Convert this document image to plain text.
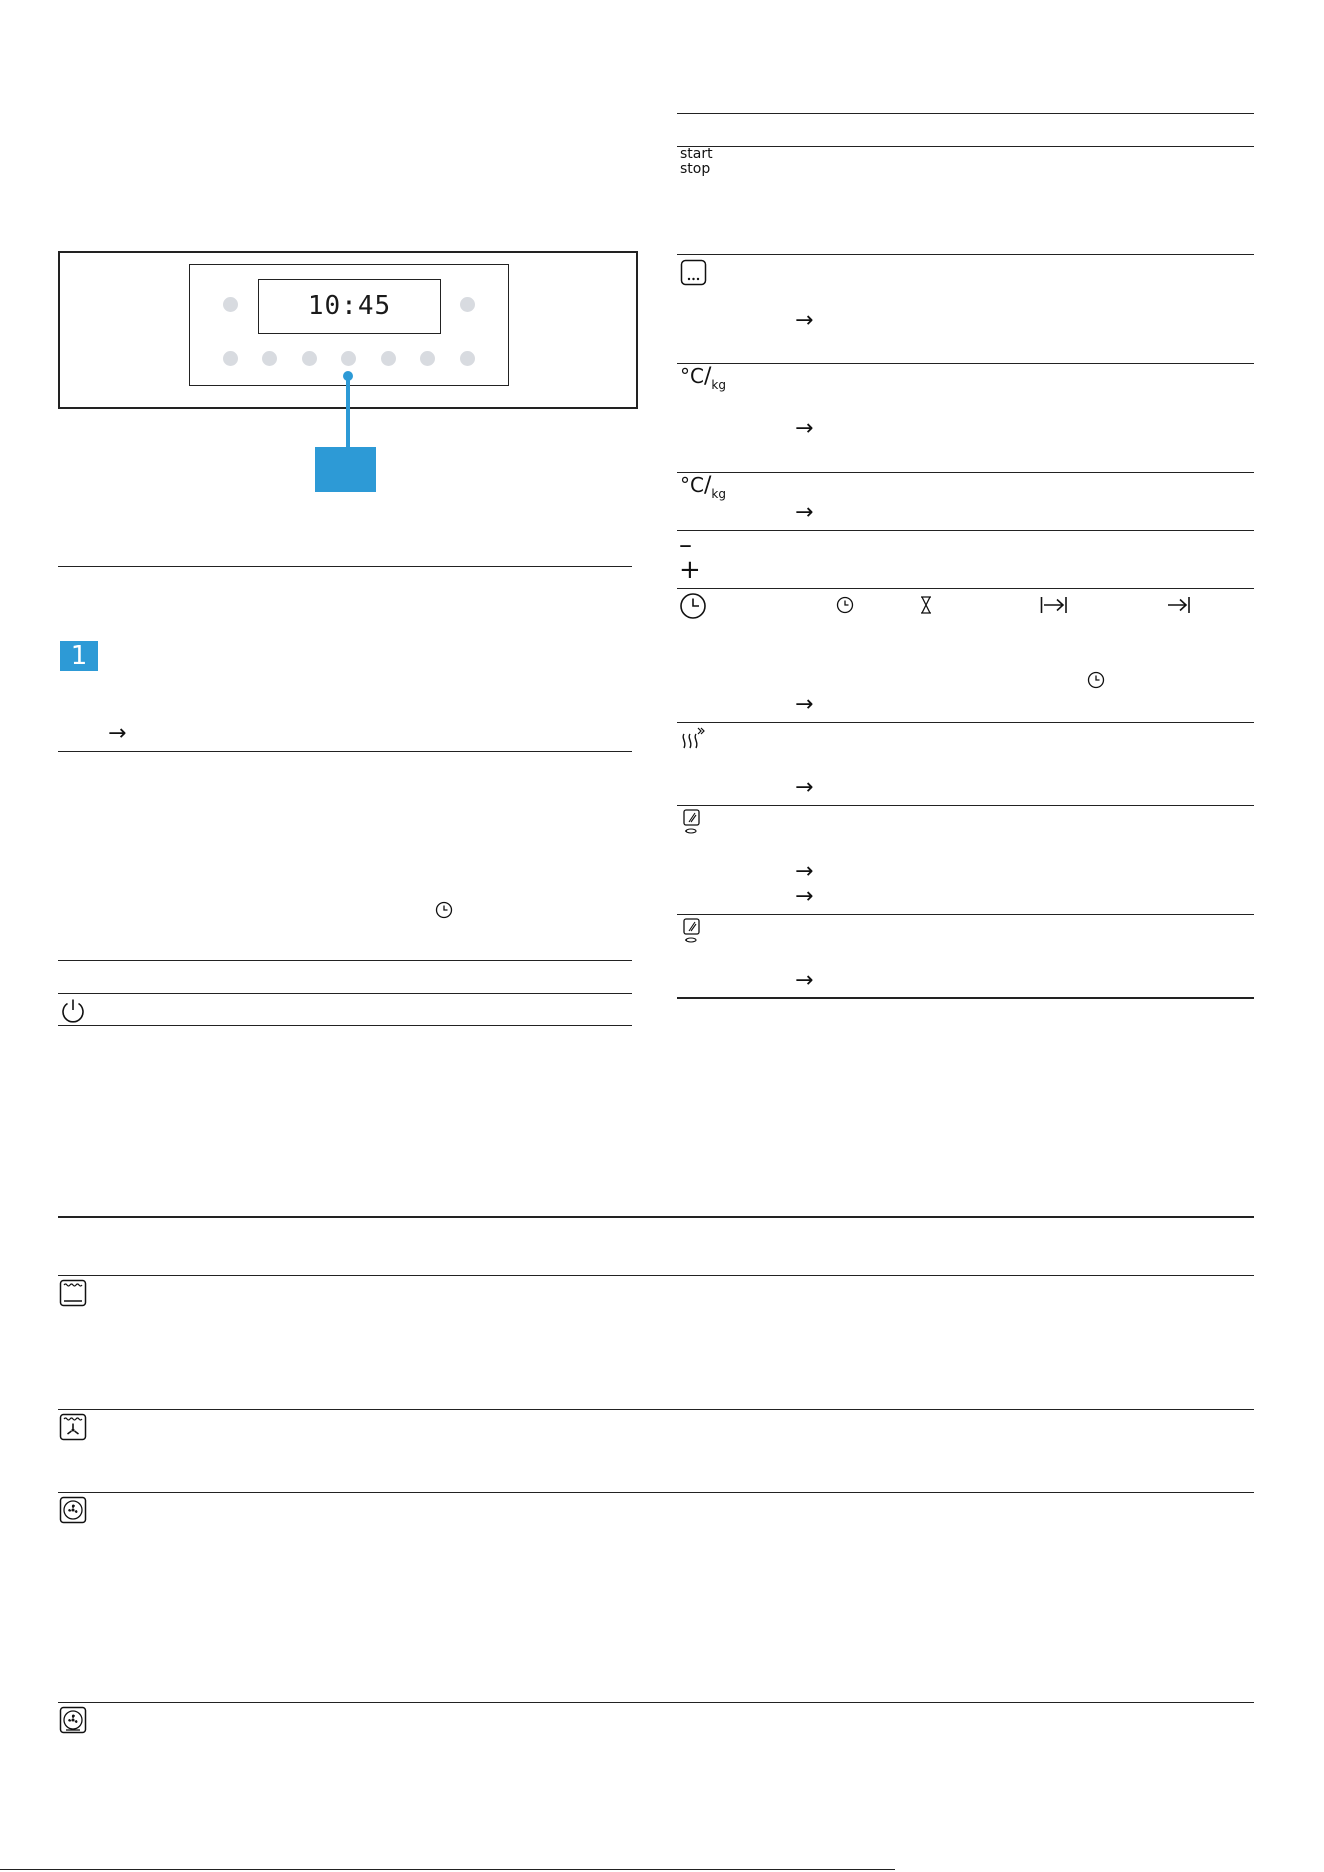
10:45
1
→
start
stop
→
$^\circ C/_{kg}$
→
$^\circ C/_{kg}$
→
–
+
→
→
→
→
→
